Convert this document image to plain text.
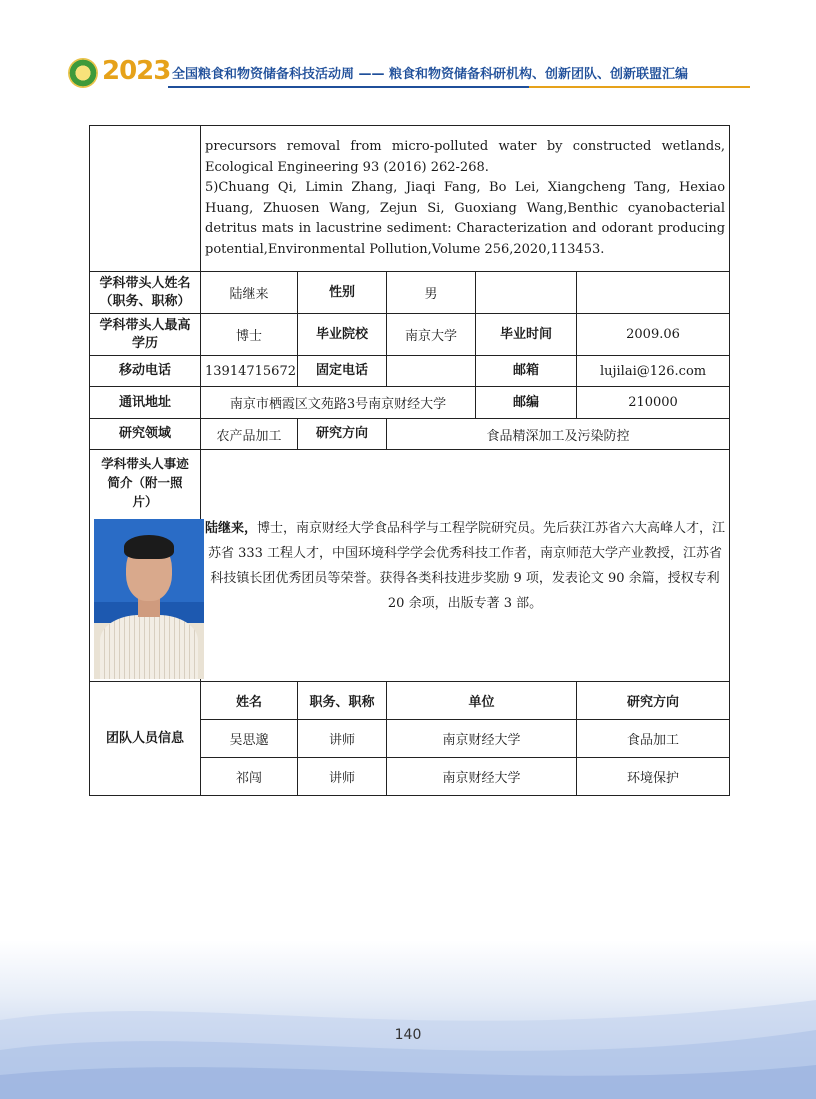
2023 全国粮食和物资储备科技活动周 —— 粮食和物资储备科研机构、创新团队、创新联盟汇编

	precursors removal from micro-polluted water by constructed wetlands, Ecological Engineering 93 (2016) 262-268.

5)Chuang Qi, Limin Zhang, Jiaqi Fang, Bo Lei, Xiangcheng Tang, Hexiao Huang, Zhuosen Wang, Zejun Si, Guoxiang Wang,Benthic cyanobacterial detritus mats in lacustrine sediment: Characterization and odorant producing potential,Environmental Pollution,Volume 256,2020,113453.				

学科带头人姓名（职务、职称）	陆继来	性别	男		
学科带头人最高学历	博士	毕业院校	南京大学	毕业时间	2009.06
移动电话	13914715672	固定电话		邮箱	lujilai@126.com
通讯地址	南京市栖霞区文苑路3号南京财经大学			邮编	210000
研究领域	农产品加工	研究方向	食品精深加工及污染防控		

学科带头人事迹简介（附一照片）	陆继来，博士，南京财经大学食品科学与工程学院研究员。先后获江苏省六大高峰人才，江苏省 333 工程人才，中国环境科学学会优秀科技工作者，南京师范大学产业教授，江苏省科技镇长团优秀团员等荣誉。获得各类科技进步奖励 9 项，发表论文 90 余篇，授权专利 20 余项，出版专著 3 部。				
团队人员信息	姓名	职务、职称	单位		研究方向
	吴思邈	讲师	南京财经大学		食品加工
	祁闯	讲师	南京财经大学		环境保护
140
